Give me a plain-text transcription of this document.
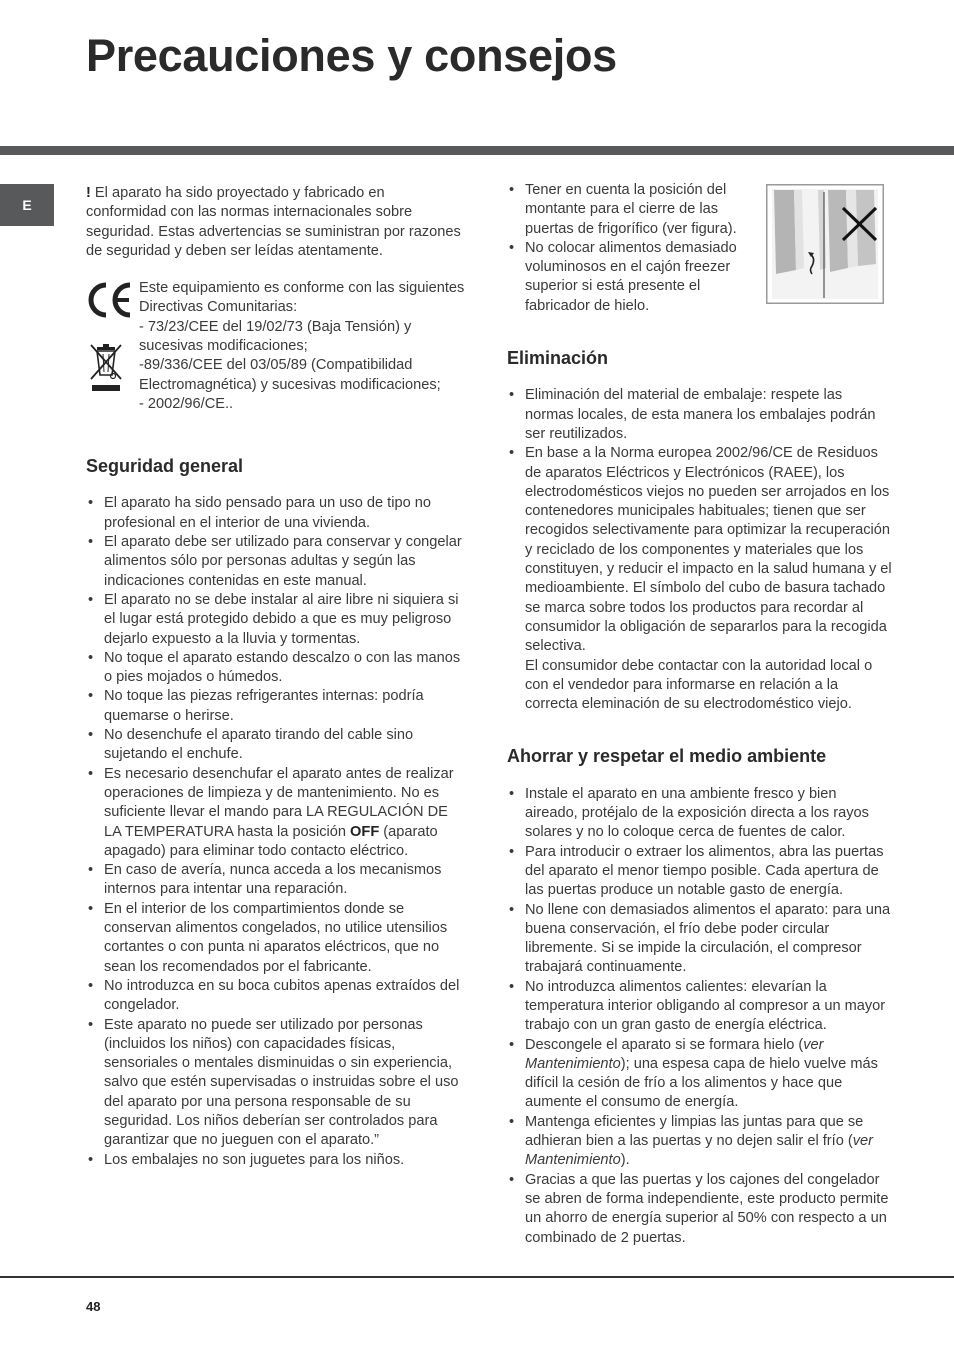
Precauciones y consejos
E

! El aparato ha sido proyectado y fabricado en conformidad con las normas internacionales sobre seguridad. Estas advertencias se suministran por razones de seguridad y deben ser leídas atentamente.

Este equipamiento es conforme con las siguientes Directivas Comunitarias:
- 73/23/CEE del 19/02/73 (Baja Tensión) y sucesivas modificaciones;
-89/336/CEE del 03/05/89 (Compatibilidad Electromagnética) y sucesivas modificaciones;
- 2002/96/CE..

Seguridad general
• El aparato ha sido pensado para un uso de tipo no profesional en el interior de una vivienda.
• El aparato debe ser utilizado para conservar y congelar alimentos sólo por personas adultas y según las indicaciones contenidas en este manual.
• El aparato no se debe instalar al aire libre ni siquiera si el lugar está protegido debido a que es muy peligroso dejarlo expuesto a la lluvia y tormentas.
• No toque el aparato estando descalzo o con las manos o pies mojados o húmedos.
• No toque las piezas refrigerantes internas: podría quemarse o herirse.
• No desenchufe el aparato tirando del cable sino sujetando el enchufe.
• Es necesario desenchufar el aparato antes de realizar operaciones de limpieza y de mantenimiento. No es suficiente llevar el mando para LA REGULACIÓN DE LA TEMPERATURA hasta la posición OFF (aparato apagado) para eliminar todo contacto eléctrico.
• En caso de avería, nunca acceda a los mecanismos internos para intentar una reparación.
• En el interior de los compartimientos donde se conservan alimentos congelados, no utilice utensilios cortantes o con punta ni aparatos eléctricos, que no sean los recomendados por el fabricante.
• No introduzca en su boca cubitos apenas extraídos del congelador.
• Este aparato no puede ser utilizado por personas (incluidos los niños) con capacidades físicas, sensoriales o mentales disminuidas o sin experiencia, salvo que estén supervisadas o instruidas sobre el uso del aparato por una persona responsable de su seguridad. Los niños deberían ser controlados para garantizar que no jueguen con el aparato.”
• Los embalajes no son juguetes para los niños.
• Tener en cuenta la posición del montante para el cierre de las puertas de frigorífico (ver figura).
• No colocar alimentos demasiado voluminosos en el cajón freezer superior si está presente el fabricador de hielo.
Eliminación
• Eliminación del material de embalaje: respete las normas locales, de esta manera los embalajes podrán ser reutilizados.
• En base a la Norma europea 2002/96/CE de Residuos de aparatos Eléctricos y Electrónicos (RAEE), los electrodomésticos viejos no pueden ser arrojados en los contenedores municipales habituales; tienen que ser recogidos selectivamente para optimizar la recuperación y reciclado de los componentes y materiales que los constituyen, y reducir el impacto en la salud humana y el medioambiente. El símbolo del cubo de basura tachado se marca sobre todos los productos para recordar al consumidor la obligación de separarlos para la recogida selectiva.
El consumidor debe contactar con la autoridad local o con el vendedor para informarse en relación a la correcta eleminación de su electrodoméstico viejo.
Ahorrar y respetar el medio ambiente
• Instale el aparato en una ambiente fresco y bien aireado, protéjalo de la exposición directa a los rayos solares y no lo coloque cerca de fuentes de calor.
• Para introducir o extraer los alimentos, abra las puertas del aparato el menor tiempo posible. Cada apertura de las puertas produce un notable gasto de energía.
• No llene con demasiados alimentos el aparato: para una buena conservación, el frío debe poder circular libremente. Si se impide la circulación, el compresor trabajará continuamente.
• No introduzca alimentos calientes: elevarían la temperatura interior obligando al compresor a un mayor trabajo con un gran gasto de energía eléctrica.
• Descongele el aparato si se formara hielo (ver Mantenimiento); una espesa capa de hielo vuelve más difícil la cesión de frío a los alimentos y hace que aumente el consumo de energía.
• Mantenga eficientes y limpias las juntas para que se adhieran bien a las puertas y no dejen salir el frío (ver Mantenimiento).
• Gracias a que las puertas y los cajones del congelador se abren de forma independiente, este producto permite un ahorro de energía superior al 50% con respecto a un combinado de 2 puertas.
48
